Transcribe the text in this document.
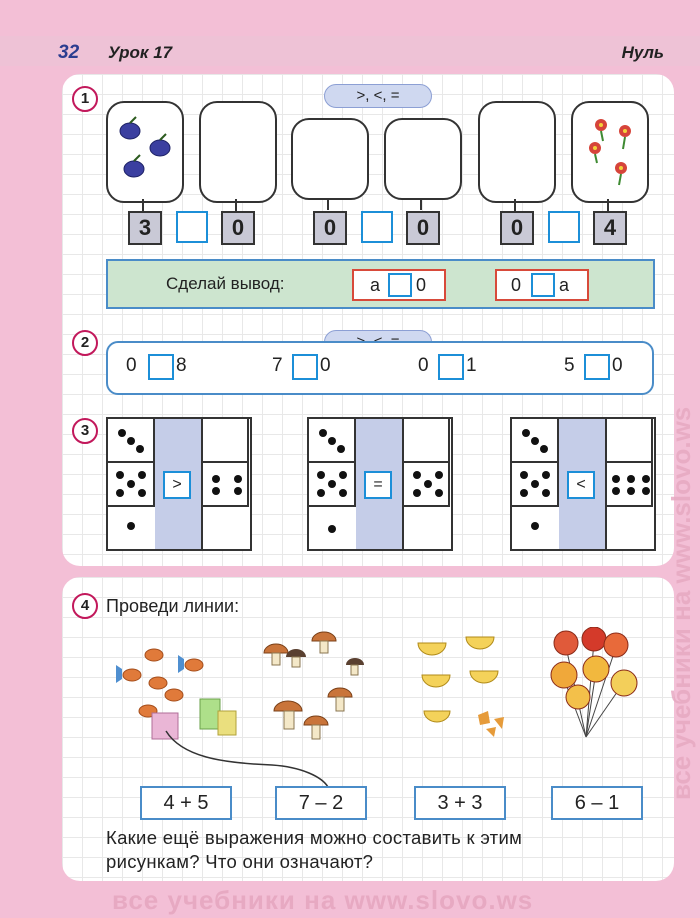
32 Урок 17	Нуль
1	>, <, =
3	0	0	0	0	4
2
3
Сделай вывод:	a 0	0 a
0 8	7 0	0 1	5 0
>	=	<
4 Проведи линии:
Какие ещё выражения можно составить к этим
рисункам? Что они означают?
4 + 5	7 – 2	3 + 3	6 – 1
все учебники на www.slovo.ws
все учебники на www.slovo.ws
